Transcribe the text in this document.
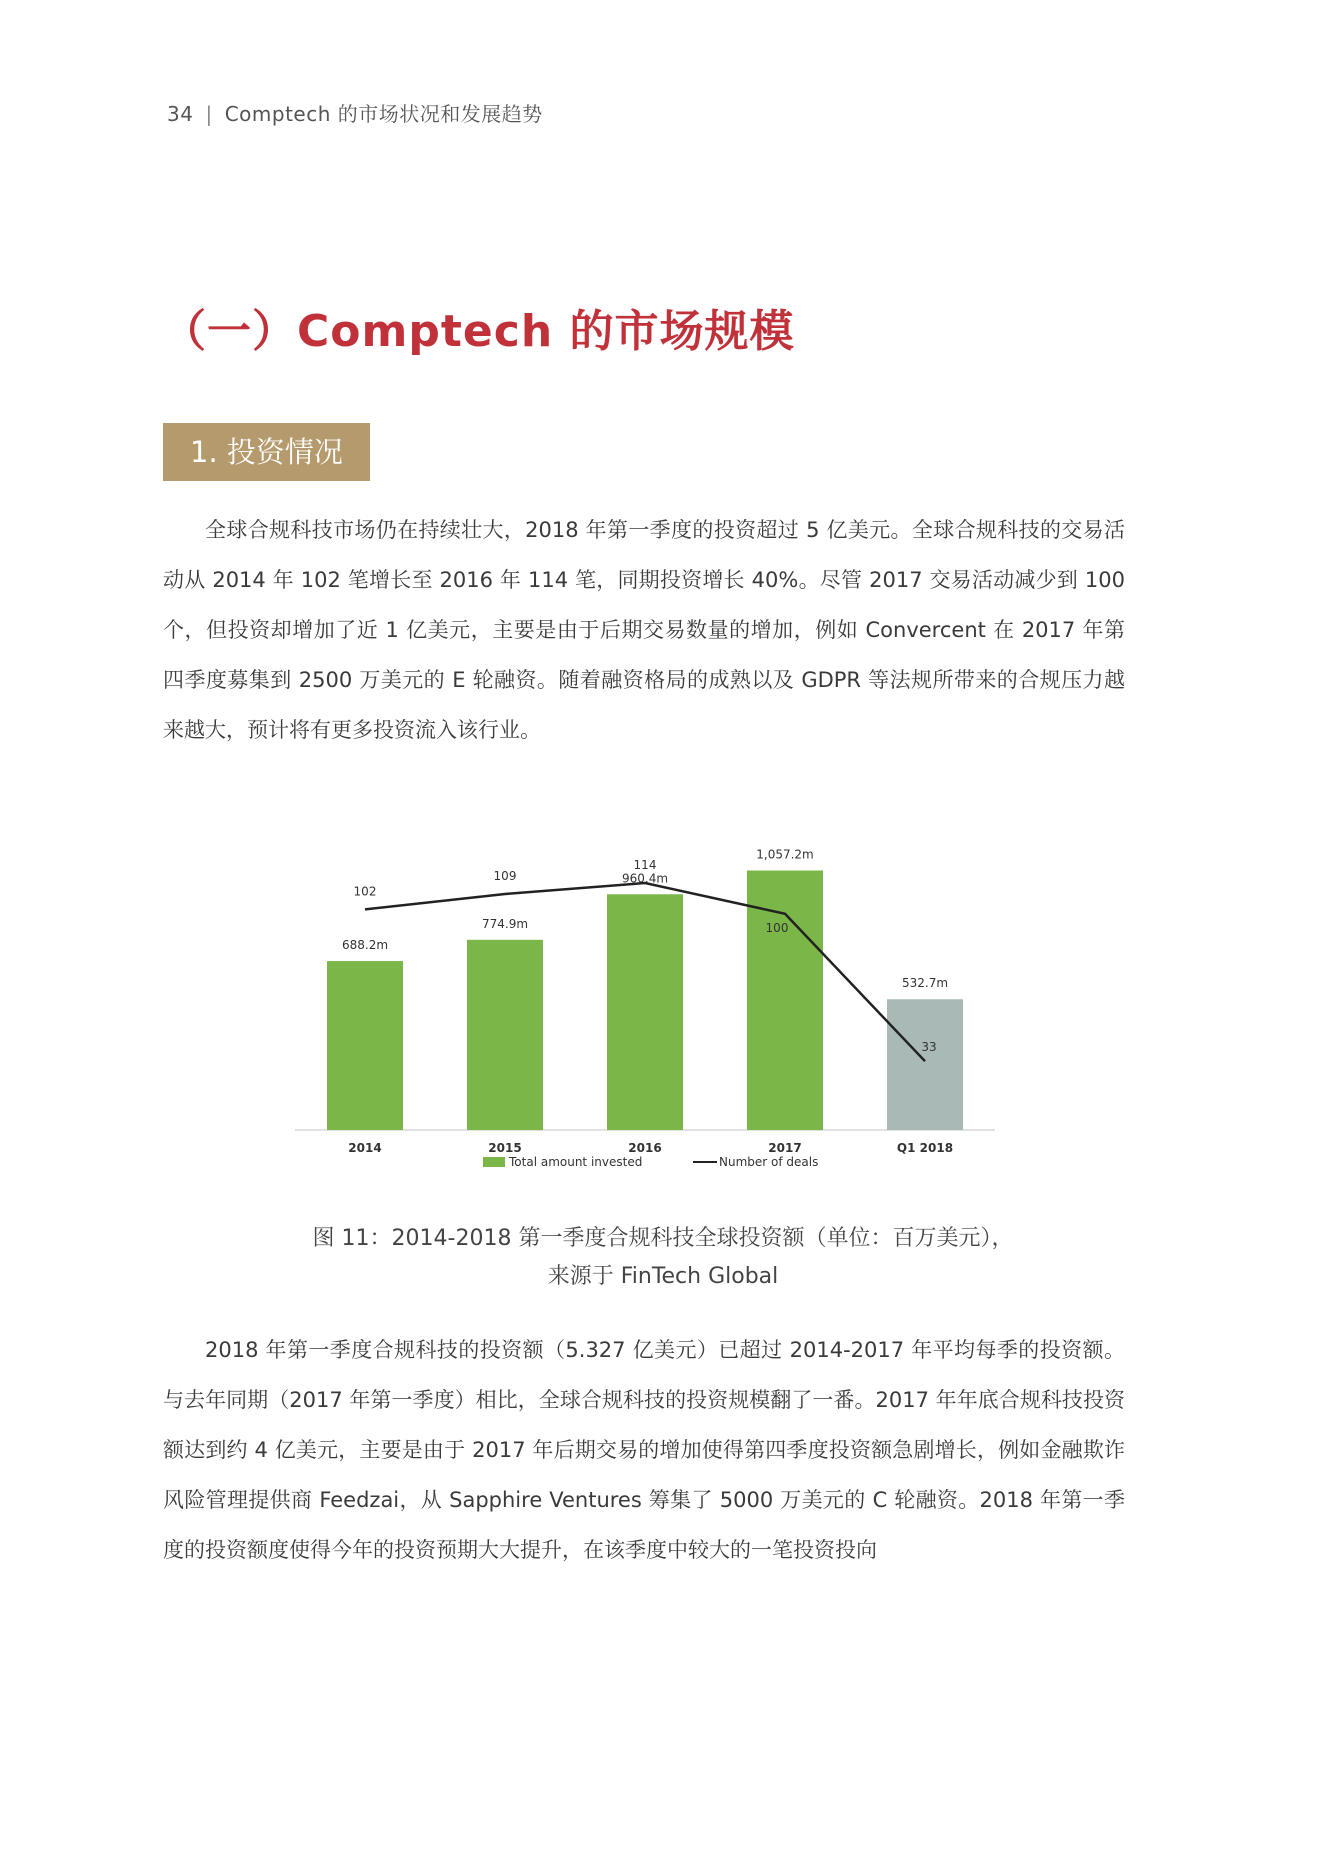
34 | Comptech 的市场状况和发展趋势
（一）Comptech 的市场规模
1. 投资情况

全球合规科技市场仍在持续壮大，2018 年第一季度的投资超过 5 亿美元。全球合规科技的交易活动从 2014 年 102 笔增长至 2016 年 114 笔，同期投资增长 40%。尽管 2017 交易活动减少到 100 个，但投资却增加了近 1 亿美元，主要是由于后期交易数量的增加，例如 Convercent 在 2017 年第四季度募集到 2500 万美元的 E 轮融资。随着融资格局的成熟以及 GDPR 等法规所带来的合规压力越来越大，预计将有更多投资流入该行业。

688.2m
2014
774.9m
2015
960.4m
2016
1,057.2m
2017
532.7m
Q1 2018
102
109
114
100
33
Total amount invested	Number of deals
图 11：2014-2018 第一季度合规科技全球投资额（单位：百万美元），
来源于 FinTech Global

2018 年第一季度合规科技的投资额（5.327 亿美元）已超过 2014-2017 年平均每季的投资额。与去年同期（2017 年第一季度）相比，全球合规科技的投资规模翻了一番。2017 年年底合规科技投资额达到约 4 亿美元，主要是由于 2017 年后期交易的增加使得第四季度投资额急剧增长，例如金融欺诈风险管理提供商 Feedzai，从 Sapphire Ventures 筹集了 5000 万美元的 C 轮融资。2018 年第一季度的投资额度使得今年的投资预期大大提升，在该季度中较大的一笔投资投向
